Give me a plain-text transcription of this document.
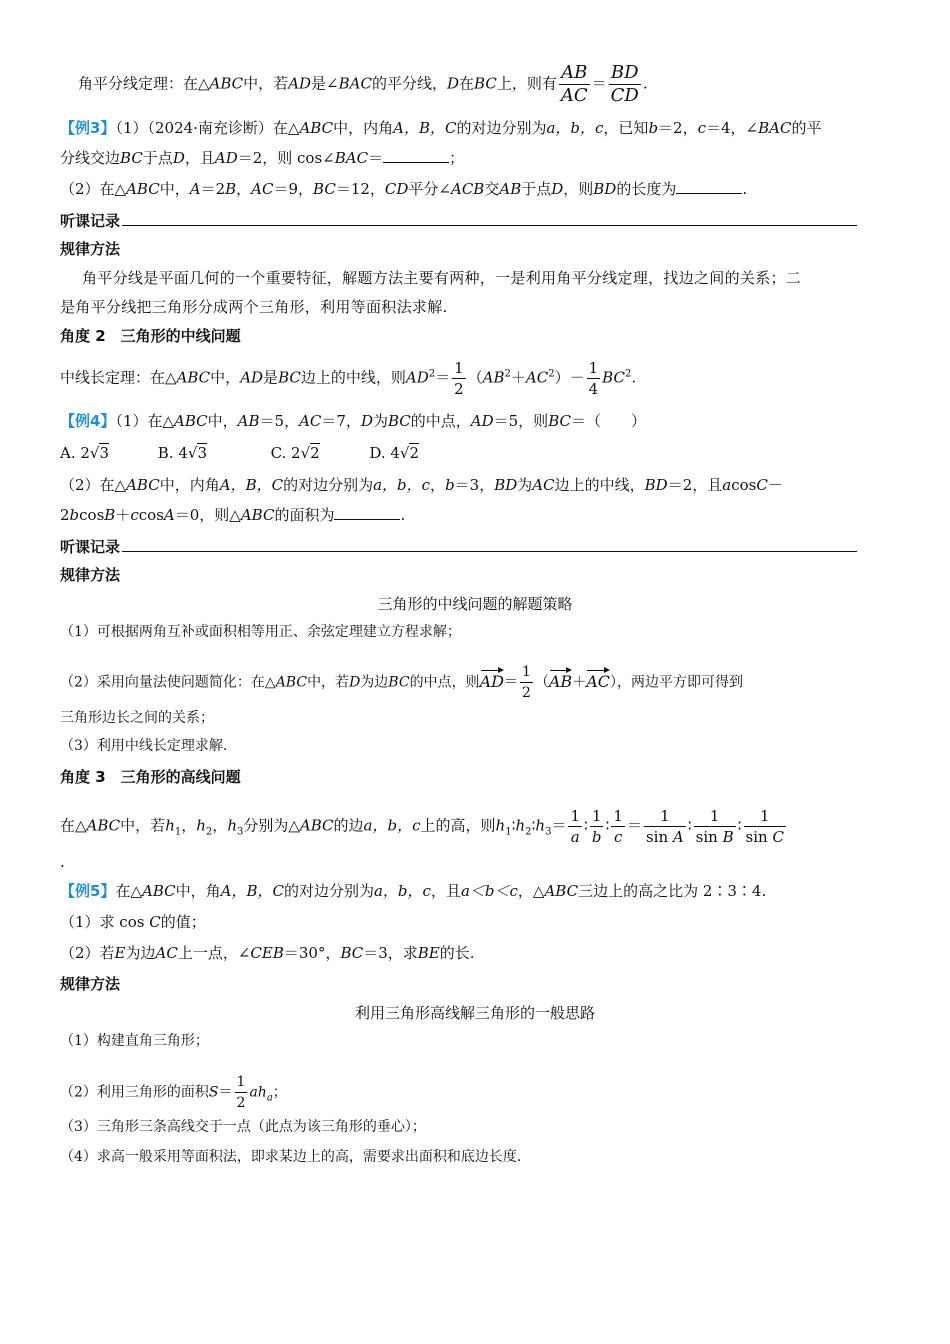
角平分线定理：在△ABC中，若AD是∠BAC的平分线，D在BC上，则有 $\frac{AB}{AC} = \frac{BD}{CD}$ .
【例3】（1）（2024·南充诊断）在△ABC中，内角A，B，C的对边分别为a，b，c，已知b＝2，c＝4，∠BAC的平
分线交边BC于点D，且AD＝2，则 cos∠BAC＝	；
（2）在△ABC中，A＝2B，AC＝9，BC＝12，CD平分∠ACB交AB于点D，则BD的长度为	.
听课记录
规律方法
角平分线是平面几何的一个重要特征，解题方法主要有两种，一是利用角平分线定理，找边之间的关系；二
是角平分线把三角形分成两个三角形，利用等面积法求解.
角度 2　三角形的中线问题
中线长定理：在△ABC中，AD是BC边上的中线，则$AD^2= \frac{1}{2} (AB^2+AC^2)- \frac{1}{4} BC^2$.
【例4】（1）在△ABC中，AB＝5，AC＝7，D为BC的中点，AD＝5，则BC＝（　　）
A. 2√3	B. 4√3	C. 2√2	D. 4√2
（2）在△ABC中，内角A，B，C的对边分别为a，b，c，b＝3，BD为AC边上的中线，BD＝2，且acosC－
2bcosB＋ccosA＝0，则△ABC的面积为	.
听课记录
规律方法
三角形的中线问题的解题策略
（1）可根据两角互补或面积相等用正、余弦定理建立方程求解；
（2）采用向量法使问题简化：在△ABC中，若D为边BC的中点，则$AD= \frac{1}{2} (AB+AC)$，两边平方即可得到
三角形边长之间的关系；
（3）利用中线长定理求解.
角度 3　三角形的高线问题
在△ABC中，若$h_1$，$h_2$，$h_3$分别为△ABC的边a，b，c上的高，则$h_1∶h_2∶h_3= \frac{1}{a}$ ∶ $\frac{1}{b}$ ∶ $\frac{1}{c} = \frac{1}{\text{sin A}}$ ∶ $\frac{1}{\text{sin B}}$ ∶ $\frac{1}{\text{sin C}}$
.
【例5】在△ABC中，角A，B，C的对边分别为a，b，c，且a＜b＜c，△ABC三边上的高之比为 2∶3∶4.
（1）求 cos C的值；
（2）若E为边AC上一点，∠CEB＝30°，BC＝3，求BE的长.
规律方法
利用三角形高线解三角形的一般思路
（1）构建直角三角形；
（2）利用三角形的面积$S= \frac{1}{2} ah_a$；
（3）三角形三条高线交于一点（此点为该三角形的垂心）；
（4）求高一般采用等面积法，即求某边上的高，需要求出面积和底边长度.
